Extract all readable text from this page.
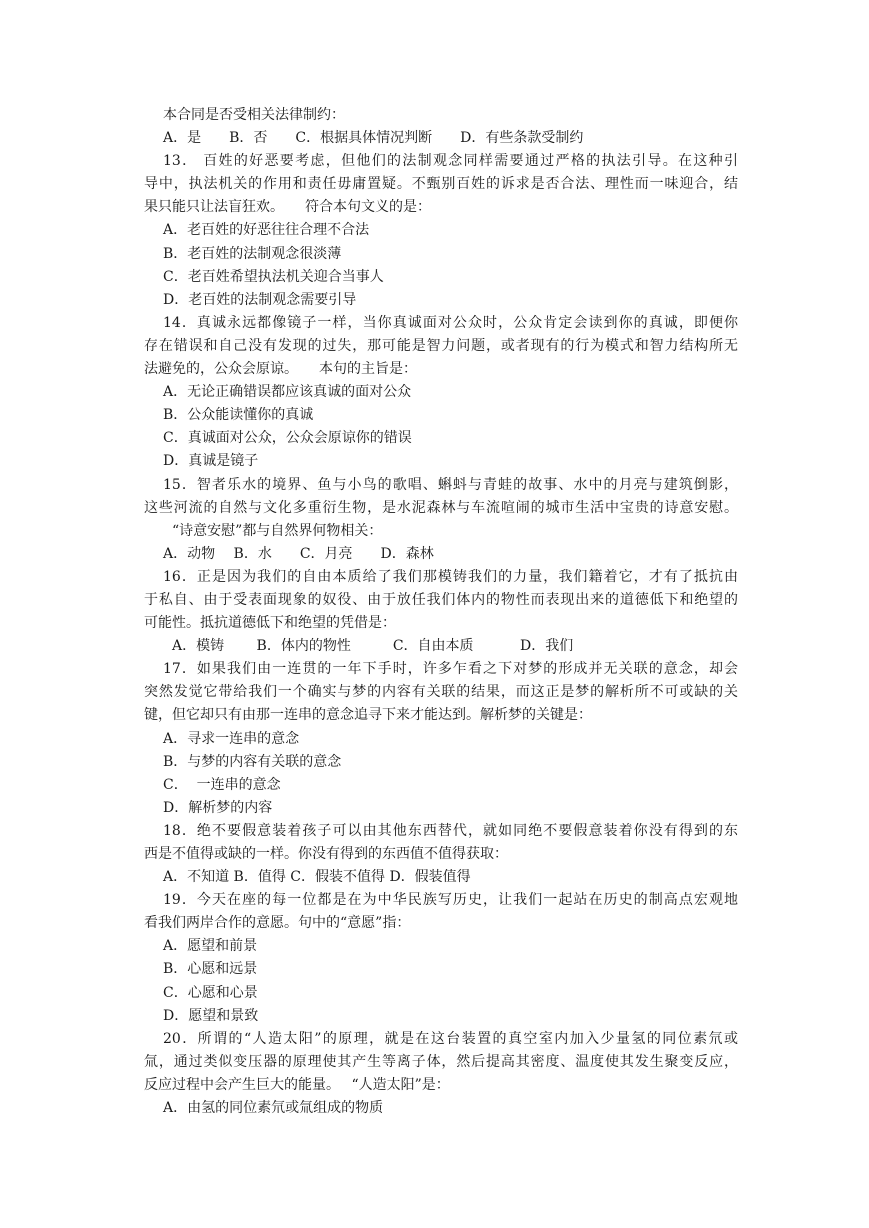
本合同是否受相关法律制约：
A．是　　B．否　　C．根据具体情况判断　　D．有些条款受制约
13． 百姓的好恶要考虑，但他们的法制观念同样需要通过严格的执法引导。在这种引
导中，执法机关的作用和责任毋庸置疑。不甄别百姓的诉求是否合法、理性而一味迎合，结
果只能只让法盲狂欢。　　符合本句文义的是：
A．老百姓的好恶往往合理不合法
B．老百姓的法制观念很淡薄
C．老百姓希望执法机关迎合当事人
D．老百姓的法制观念需要引导
14．真诚永远都像镜子一样，当你真诚面对公众时，公众肯定会读到你的真诚，即便你
存在错误和自己没有发现的过失，那可能是智力问题，或者现有的行为模式和智力结构所无
法避免的，公众会原谅。　　本句的主旨是：
A．无论正确错误都应该真诚的面对公众
B．公众能读懂你的真诚
C．真诚面对公众，公众会原谅你的错误
D．真诚是镜子
15．智者乐水的境界、鱼与小鸟的歌唱、蝌蚪与青蛙的故事、水中的月亮与建筑倒影，
这些河流的自然与文化多重衍生物，是水泥森林与车流喧闹的城市生活中宝贵的诗意安慰。
“诗意安慰”都与自然界何物相关：
A．动物　 B．水　　C．月亮　　D．森林
16．正是因为我们的自由本质给了我们那模铸我们的力量，我们籍着它，才有了抵抗由
于私自、由于受表面现象的奴役、由于放任我们体内的物性而表现出来的道德低下和绝望的
可能性。抵抗道德低下和绝望的凭借是：
A．模铸　　 B．体内的物性　　　C．自由本质　　　 D．我们
17．如果我们由一连贯的一年下手时，许多乍看之下对梦的形成并无关联的意念，却会
突然发觉它带给我们一个确实与梦的内容有关联的结果，而这正是梦的解析所不可或缺的关
键，但它却只有由那一连串的意念追寻下来才能达到。解析梦的关键是：
A．寻求一连串的意念
B．与梦的内容有关联的意念
C．  一连串的意念
D．解析梦的内容
18．绝不要假意装着孩子可以由其他东西替代，就如同绝不要假意装着你没有得到的东
西是不值得或缺的一样。你没有得到的东西值不值得获取：
A．不知道 B．值得 C．假装不值得 D．假装值得
19．今天在座的每一位都是在为中华民族写历史，让我们一起站在历史的制高点宏观地
看我们两岸合作的意愿。句中的“意愿”指：
A．愿望和前景
B．心愿和远景
C．心愿和心景
D．愿望和景致
20．所谓的“人造太阳”的原理，就是在这台装置的真空室内加入少量氢的同位素氘或
氚，通过类似变压器的原理使其产生等离子体，然后提高其密度、温度使其发生聚变反应，
反应过程中会产生巨大的能量。　 “人造太阳”是：
A．由氢的同位素氘或氚组成的物质
